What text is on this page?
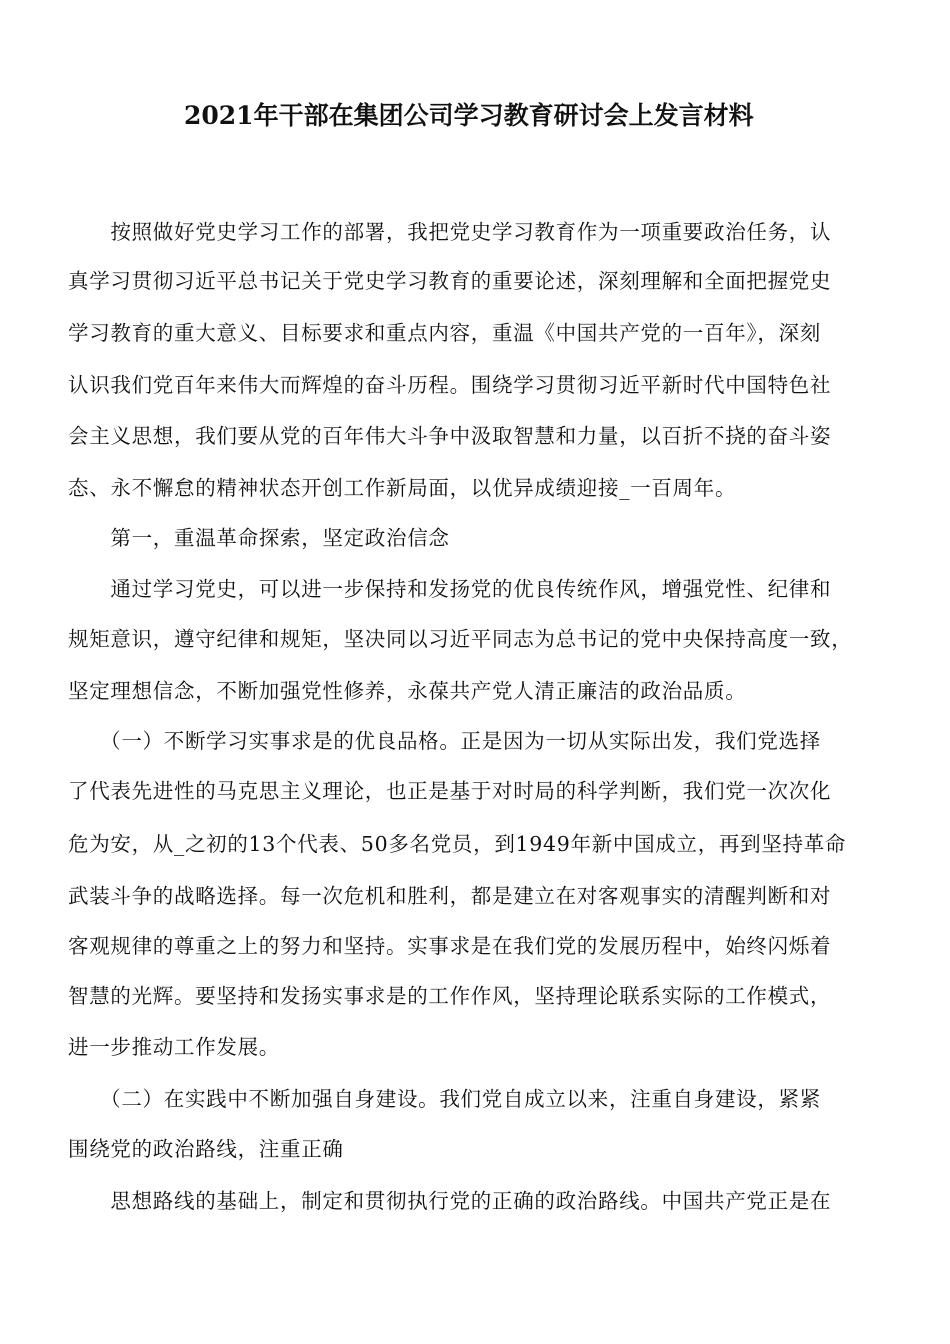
2021年干部在集团公司学习教育研讨会上发言材料

　　按照做好党史学习工作的部署，我把党史学习教育作为一项重要政治任务，认

真学习贯彻习近平总书记关于党史学习教育的重要论述，深刻理解和全面把握党史

学习教育的重大意义、目标要求和重点内容，重温《中国共产党的一百年》，深刻

认识我们党百年来伟大而辉煌的奋斗历程。围绕学习贯彻习近平新时代中国特色社

会主义思想，我们要从党的百年伟大斗争中汲取智慧和力量，以百折不挠的奋斗姿

态、永不懈怠的精神状态开创工作新局面，以优异成绩迎接_一百周年。

　　第一，重温革命探索，坚定政治信念

　　通过学习党史，可以进一步保持和发扬党的优良传统作风，增强党性、纪律和

规矩意识，遵守纪律和规矩，坚决同以习近平同志为总书记的党中央保持高度一致，

坚定理想信念，不断加强党性修养，永葆共产党人清正廉洁的政治品质。

　　（一）不断学习实事求是的优良品格。正是因为一切从实际出发，我们党选择

了代表先进性的马克思主义理论，也正是基于对时局的科学判断，我们党一次次化

危为安，从_之初的13个代表、50多名党员，到1949年新中国成立，再到坚持革命

武装斗争的战略选择。每一次危机和胜利，都是建立在对客观事实的清醒判断和对

客观规律的尊重之上的努力和坚持。实事求是在我们党的发展历程中，始终闪烁着

智慧的光辉。要坚持和发扬实事求是的工作作风，坚持理论联系实际的工作模式，

进一步推动工作发展。

　　（二）在实践中不断加强自身建设。我们党自成立以来，注重自身建设，紧紧

围绕党的政治路线，注重正确

　　思想路线的基础上，制定和贯彻执行党的正确的政治路线。中国共产党正是在
